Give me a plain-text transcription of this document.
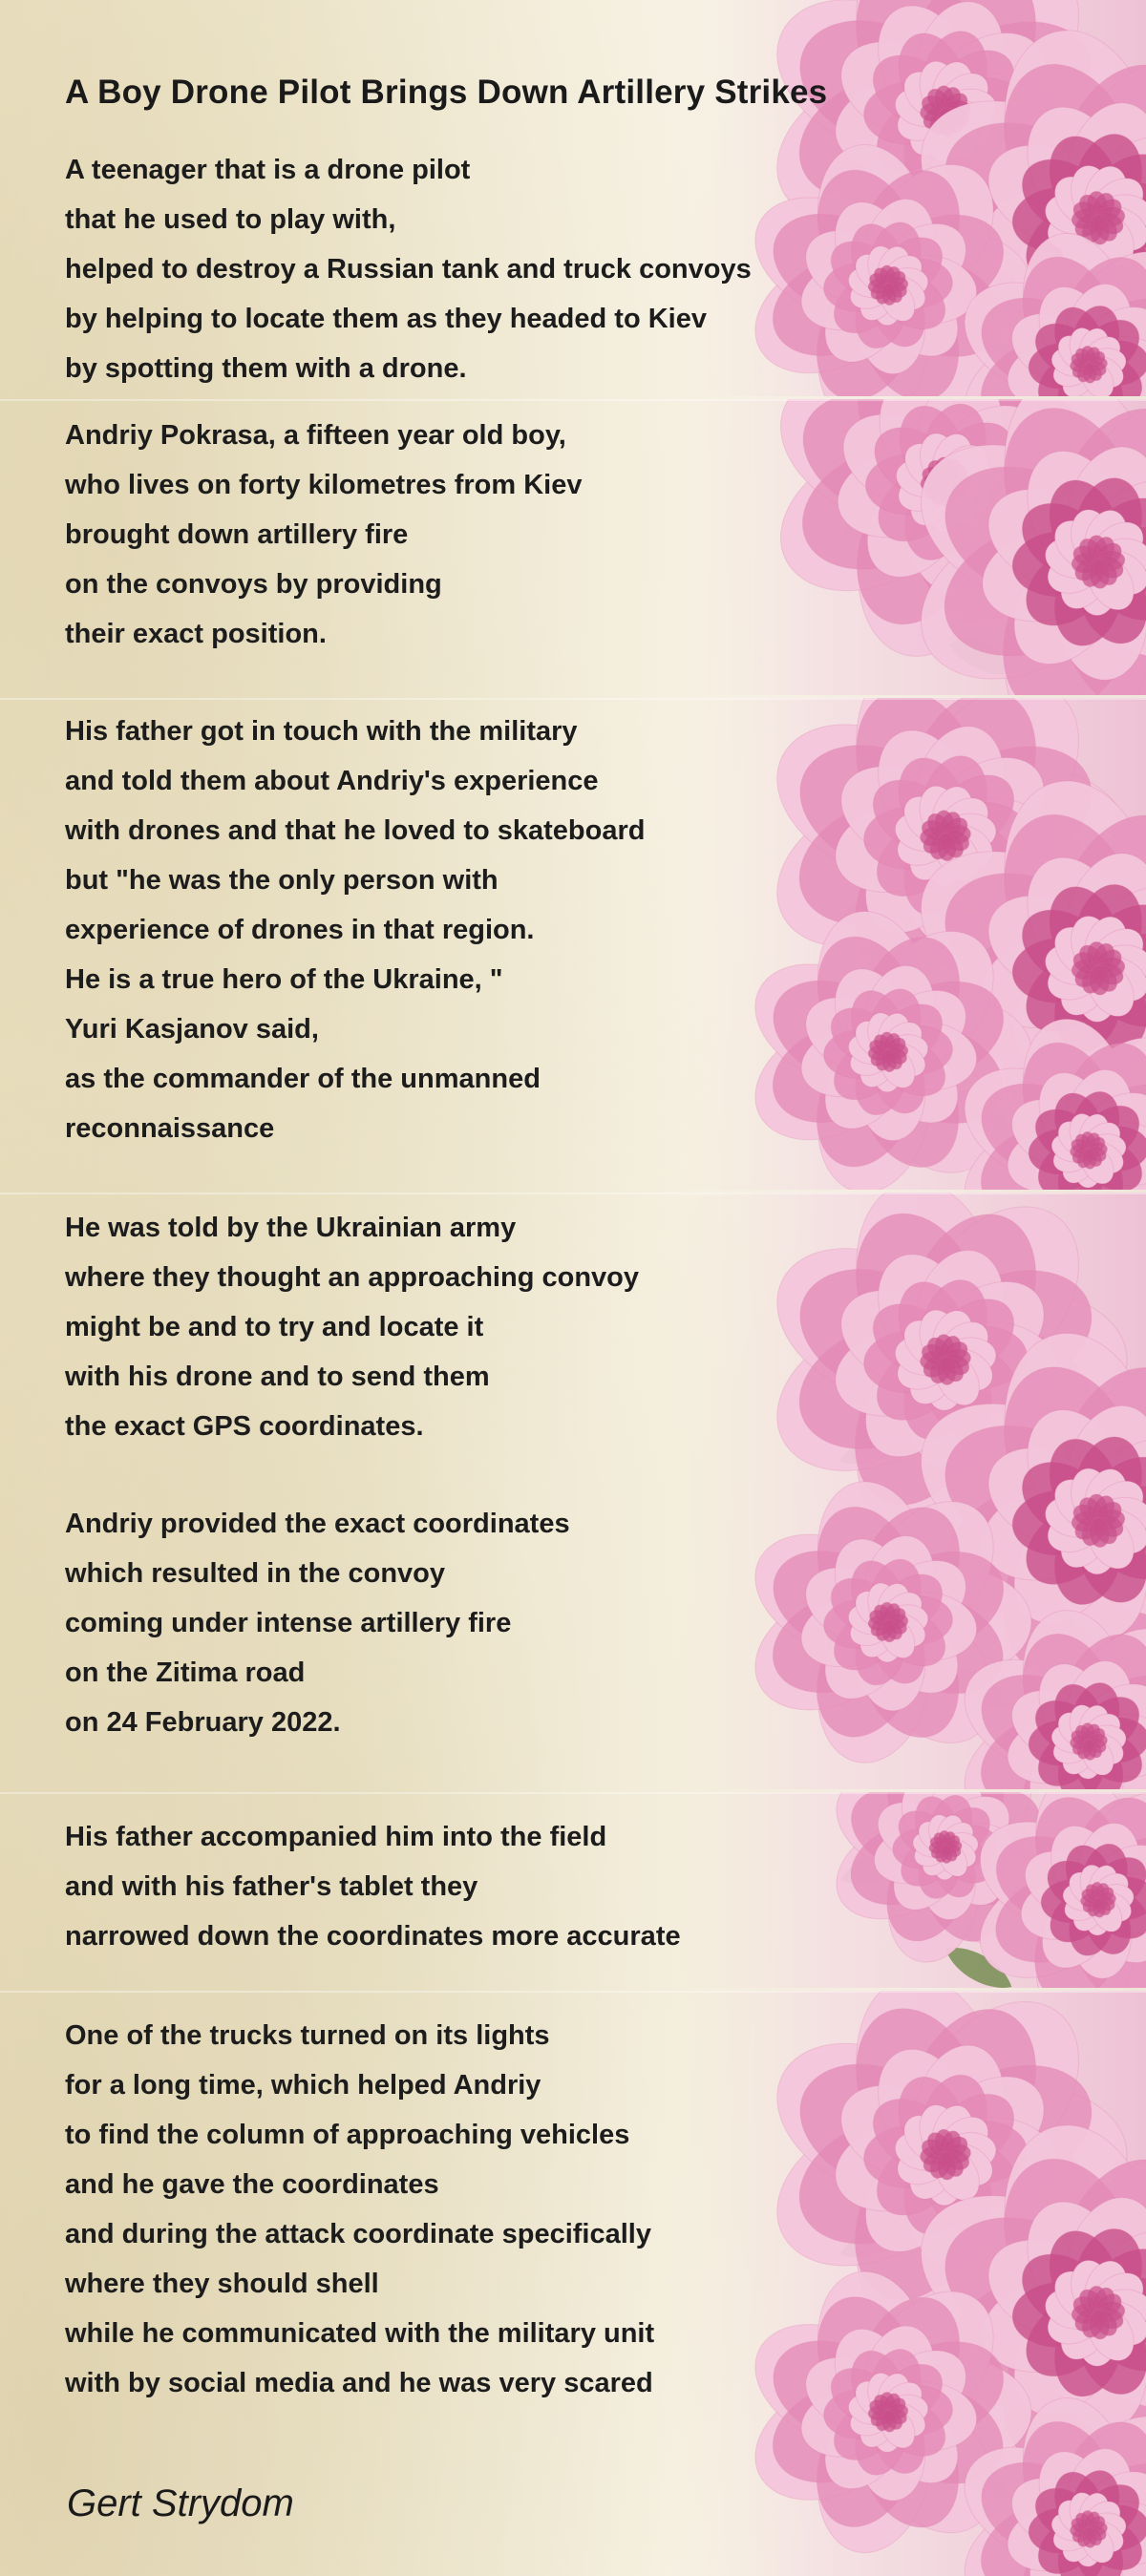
A Boy Drone Pilot Brings Down Artillery Strikes
A teenager that is a drone pilot
that he used to play with,
helped to destroy a Russian tank and truck convoys
by helping to locate them as they headed to Kiev
by spotting them with a drone.
Andriy Pokrasa, a fifteen year old boy,
who lives on forty kilometres from Kiev
brought down artillery fire
on the convoys by providing
their exact position.
His father got in touch with the military
and told them about Andriy's experience
with drones and that he loved to skateboard
but "he was the only person with
experience of drones in that region.
He is a true hero of the Ukraine, "
Yuri Kasjanov said,
as the commander of the unmanned
reconnaissance
He was told by the Ukrainian army
where they thought an approaching convoy
might be and to try and locate it
with his drone and to send them
the exact GPS coordinates.
Andriy provided the exact coordinates
which resulted in the convoy
coming under intense artillery fire
on the Zitima road
on 24 February 2022.
His father accompanied him into the field
and with his father's tablet they
narrowed down the coordinates more accurate
One of the trucks turned on its lights
for a long time, which helped Andriy
to find the column of approaching vehicles
and he gave the coordinates
and during the attack coordinate specifically
where they should shell
while he communicated with the military unit
with by social media and he was very scared
Gert Strydom
